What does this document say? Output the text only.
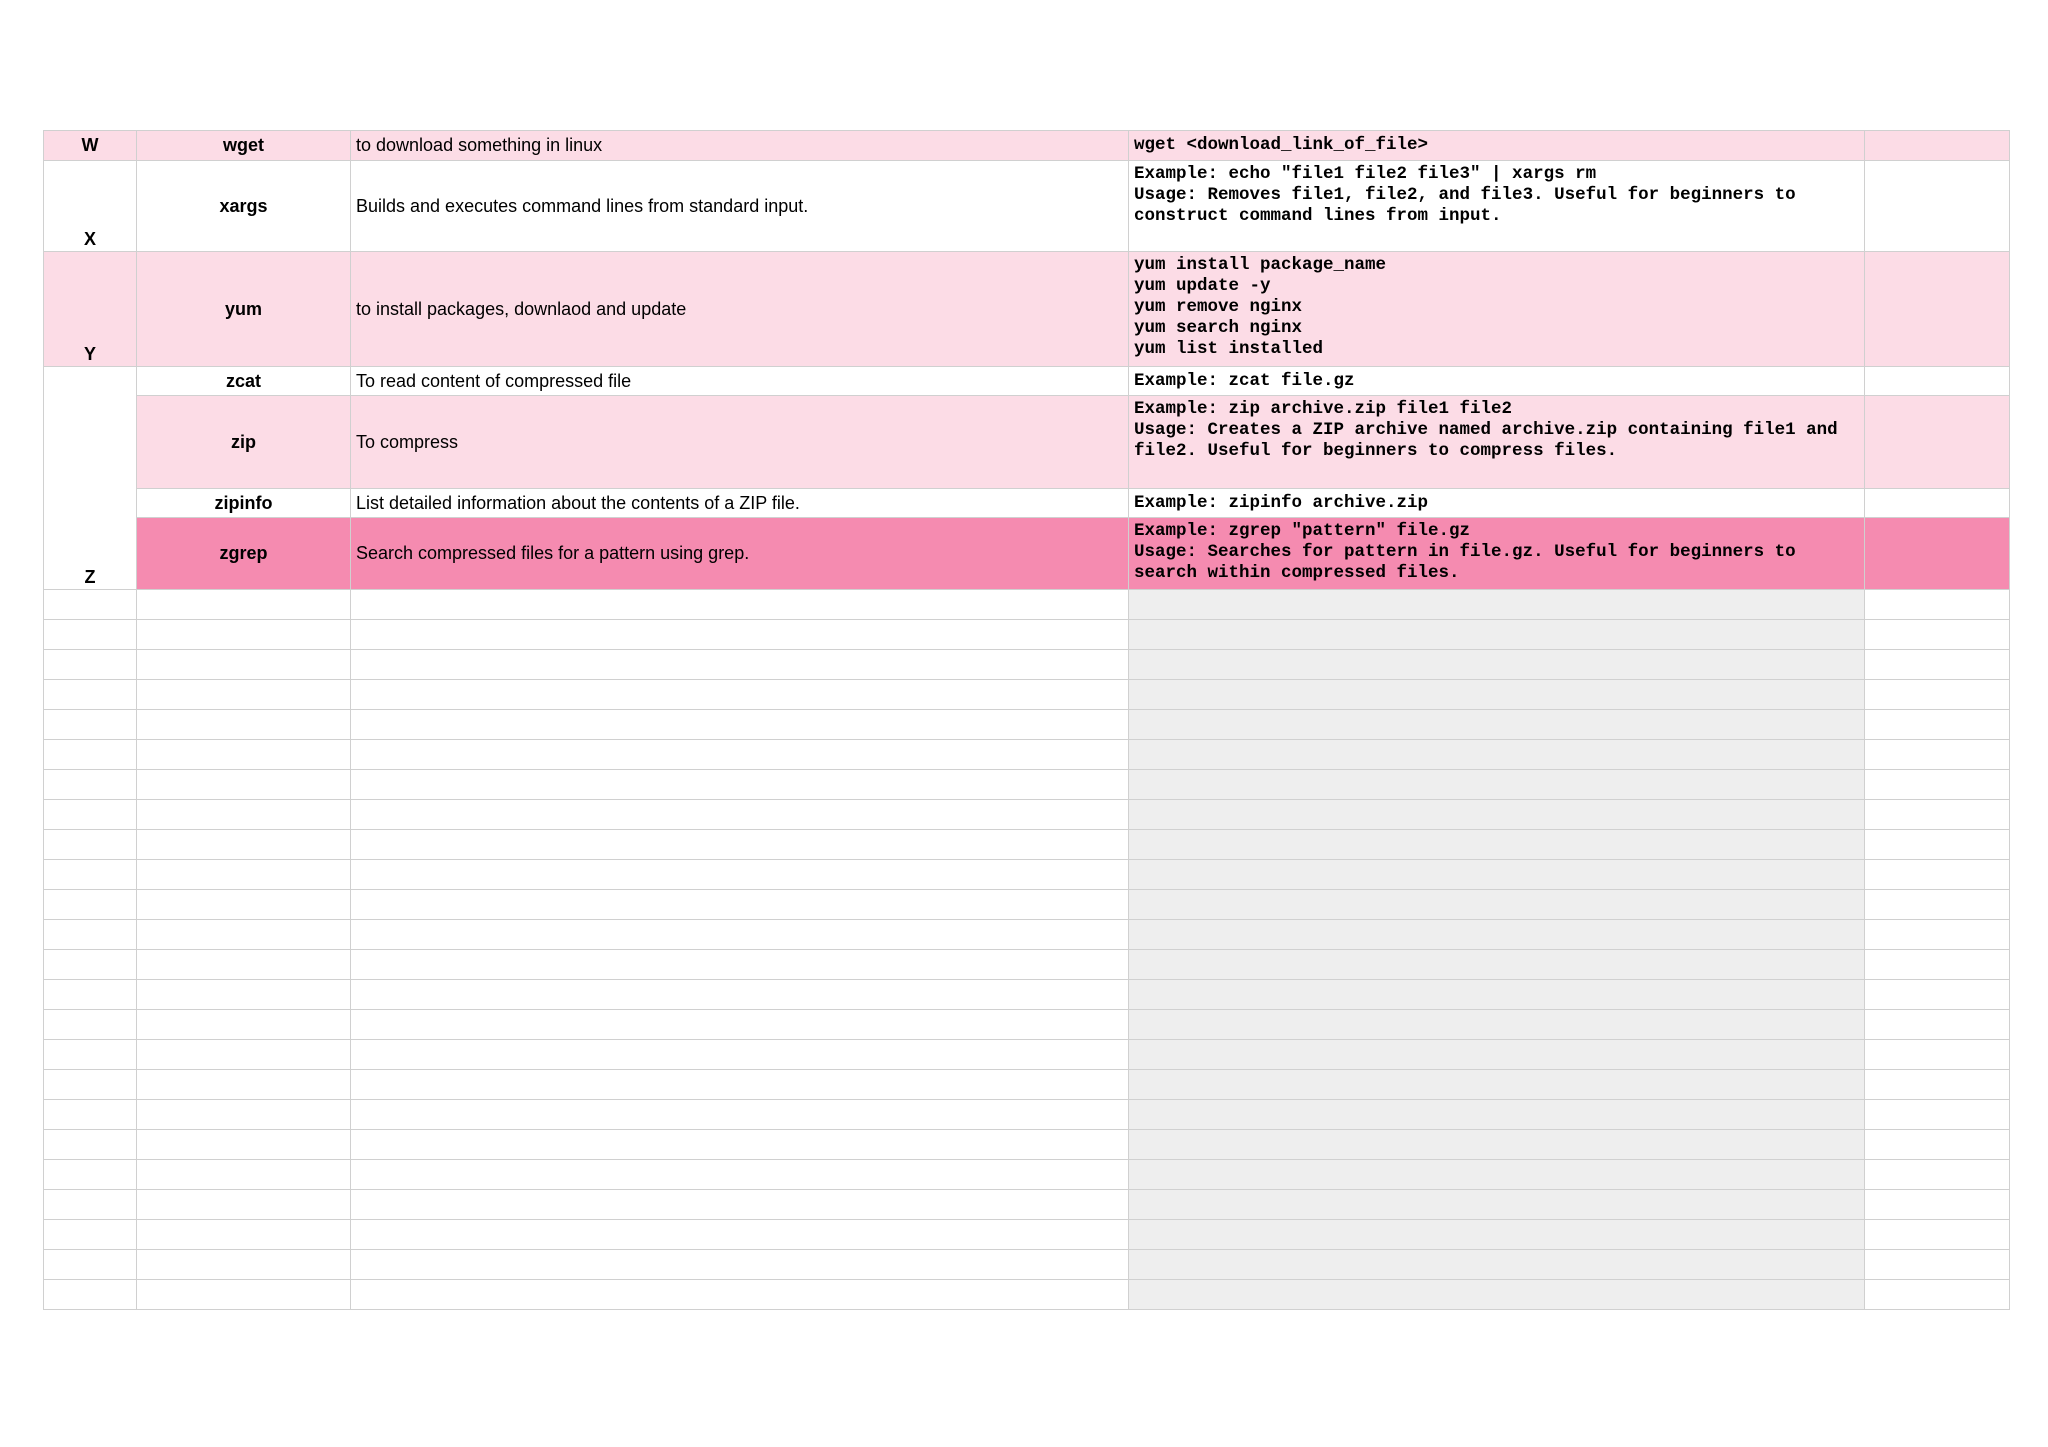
W	wget	to download something in linux	wget <download_link_of_file>	
X	xargs	Builds and executes command lines from standard input.	Example: echo "file1 file2 file3" | xargs rm
Usage: Removes file1, file2, and file3. Useful for beginners to construct command lines from input.	
Y	yum	to install packages, downlaod and update	yum install package_name
yum update -y
yum remove nginx
yum search nginx
yum list installed	
Z	zcat	To read content of compressed file	Example: zcat file.gz	
	zip	To compress	Example: zip archive.zip file1 file2
Usage: Creates a ZIP archive named archive.zip containing file1 and file2. Useful for beginners to compress files.	
	zipinfo	List detailed information about the contents of a ZIP file.	Example: zipinfo archive.zip	
	zgrep	Search compressed files for a pattern using grep.	Example: zgrep "pattern" file.gz
Usage: Searches for pattern in file.gz. Useful for beginners to search within compressed files.	
